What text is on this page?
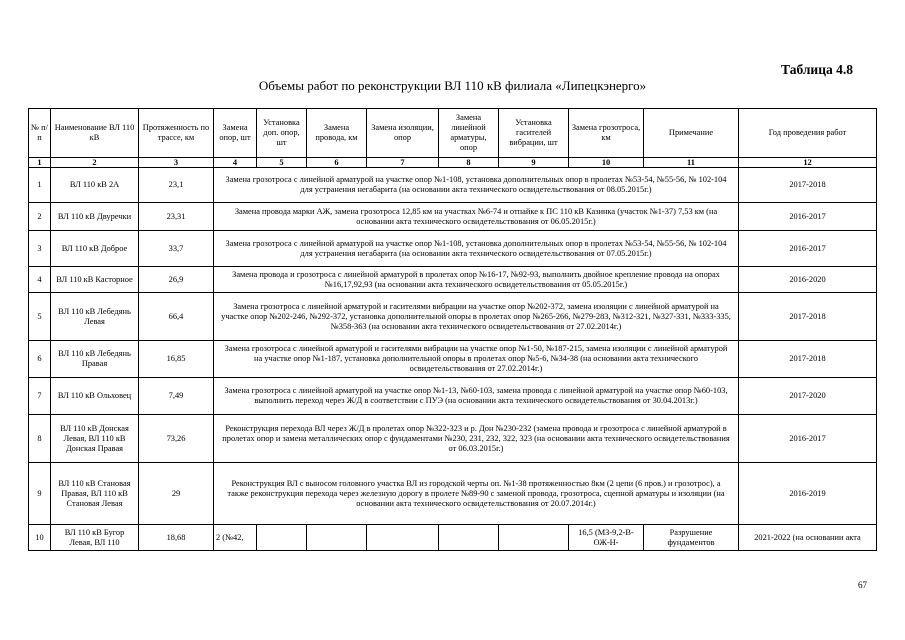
Таблица 4.8
Объемы работ по реконструкции ВЛ 110 кВ филиала «Липецкэнерго»
№ п/п	Наименование ВЛ 110 кВ	Протяженность по трассе, км	Замена опор, шт	Установка доп. опор, шт	Замена провода, км	Замена изоляции, опор	Замена линейной арматуры, опор	Установка гасителей вибрации, шт	Замена грозотроса, км	Примечание	Год проведения работ
1	2	3	4	5	6	7	8	9	10	11	12
1	ВЛ 110 кВ 2А	23,1	Замена грозотроса с линейной арматурой на участке опор №1-108, установка дополнительных опор в пролетах №53-54, №55-56, № 102-104 для устранения негабарита (на основании акта технического освидетельствования от 08.05.2015г.)								2017-2018
2	ВЛ 110 кВ Двуречки	23,31	Замена провода марки АЖ, замена грозотроса 12,85 км на участках №6-74 и отпайке к ПС 110 кВ Казинка (участок №1-37) 7,53 км (на основании акта технического освидетельствования от 06.05.2015г.)								2016-2017
3	ВЛ 110 кВ Доброе	33,7	Замена грозотроса с линейной арматурой на участке опор №1-108, установка дополнительных опор в пролетах №53-54, №55-56, № 102-104 для устранения негабарита (на основании акта технического освидетельствования от 07.05.2015г.)								2016-2017
4	ВЛ 110 кВ Касторное	26,9	Замена провода и грозотроса с линейной арматурой в пролетах опор №16-17, №92-93, выполнить двойное крепление провода на опорах №16,17,92,93 (на основании акта технического освидетельствования от 05.05.2015г.)								2016-2020
5	ВЛ 110 кВ Лебедянь Левая	66,4	Замена грозотроса с линейной арматурой и гасителями вибрации на участке опор №202-372, замена изоляции с линейной арматурой на участке опор №202-246, №292-372, установка дополнительной опоры в пролетах опор №265-266, №279-283, №312-321, №327-331, №333-335, №358-363 (на основании акта технического освидетельствования от 27.02.2014г.)								2017-2018
6	ВЛ 110 кВ Лебедянь Правая	16,85	Замена грозотроса с линейной арматурой и гасителями вибрации на участке опор №1-50, №187-215, замена изоляции с линейной арматурой на участке опор №1-187, установка дополнительной опоры в пролетах опор №5-6, №34-38 (на основании акта технического освидетельствования от 27.02.2014г.)								2017-2018
7	ВЛ 110 кВ Ольховец	7,49	Замена грозотроса с линейной арматурой на участке опор №1-13, №60-103, замена провода с линейной арматурой на участке опор №60-103, выполнить переход через Ж/Д в соответствии с ПУЭ (на основании акта технического освидетельствования от 30.04.2013г.)								2017-2020
8	ВЛ 110 кВ Донская Левая, ВЛ 110 кВ Донская Правая	73,26	Реконструкция перехода ВЛ через Ж/Д в пролетах опор №322-323 и р. Дон №230-232 (замена провода и грозотроса с линейной арматурой в пролетах опор и замена металлических опор с фундаментами №230, 231, 232, 322, 323 (на основании акта технического освидетельствования от 06.03.2015г.)								2016-2017
9	ВЛ 110 кВ Становая Правая, ВЛ 110 кВ Становая Левая	29	Реконструкция ВЛ с выносом головного участка ВЛ из городской черты оп. №1-38 протяженностью 8км (2 цепи (6 пров.) и грозотрос), а также реконструкция перехода через железную дорогу в пролете №89-90 с заменой провода, грозотроса, сцепной арматуры и изоляции (на основании акта технического освидетельствования от 20.07.2014г.)								2016-2019
10	ВЛ 110 кВ Бугор Левая, ВЛ 110	18,68	2 (№42,						16,5 (МЗ-9,2-В-ОЖ-Н-	Разрушение фундаментов	2021-2022 (на основании акта
67
